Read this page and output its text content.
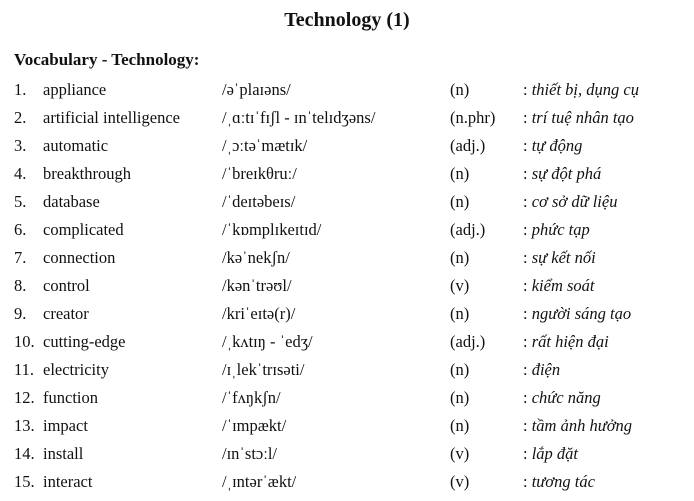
Technology (1)
Vocabulary - Technology:
1. appliance	/əˈplaɪəns/	(n)	: thiết bị, dụng cụ
2. artificial intelligence	/ˌɑːtɪˈfɪʃl - ɪnˈtelɪdʒəns/	(n.phr) : trí tuệ nhân tạo
3. automatic	/ˌɔːtəˈmætɪk/	(adj.) : tự động
4. breakthrough	/ˈbreɪkθruː/	(n)	: sự đột phá
5. database	/ˈdeɪtəbeɪs/	(n)	: cơ sở dữ liệu
6. complicated	/ˈkɒmplɪkeɪtɪd/	(adj.) : phức tạp
7. connection	/kəˈnekʃn/	(n)	: sự kết nối
8. control	/kənˈtrəʊl/	(v)	: kiểm soát
9. creator	/kriˈeɪtə(r)/	(n)	: người sáng tạo
10. cutting-edge	/ˌkʌtɪŋ - ˈedʒ/	(adj.) : rất hiện đại
11. electricity	/ɪˌlekˈtrɪsəti/	(n)	: điện
12. function	/ˈfʌŋkʃn/	(n)	: chức năng
13. impact	/ˈɪmpækt/	(n)	: tầm ảnh hưởng
14. install	/ɪnˈstɔːl/	(v)	: lắp đặt
15. interact	/ˌɪntərˈækt/	(v)	: tương tác
